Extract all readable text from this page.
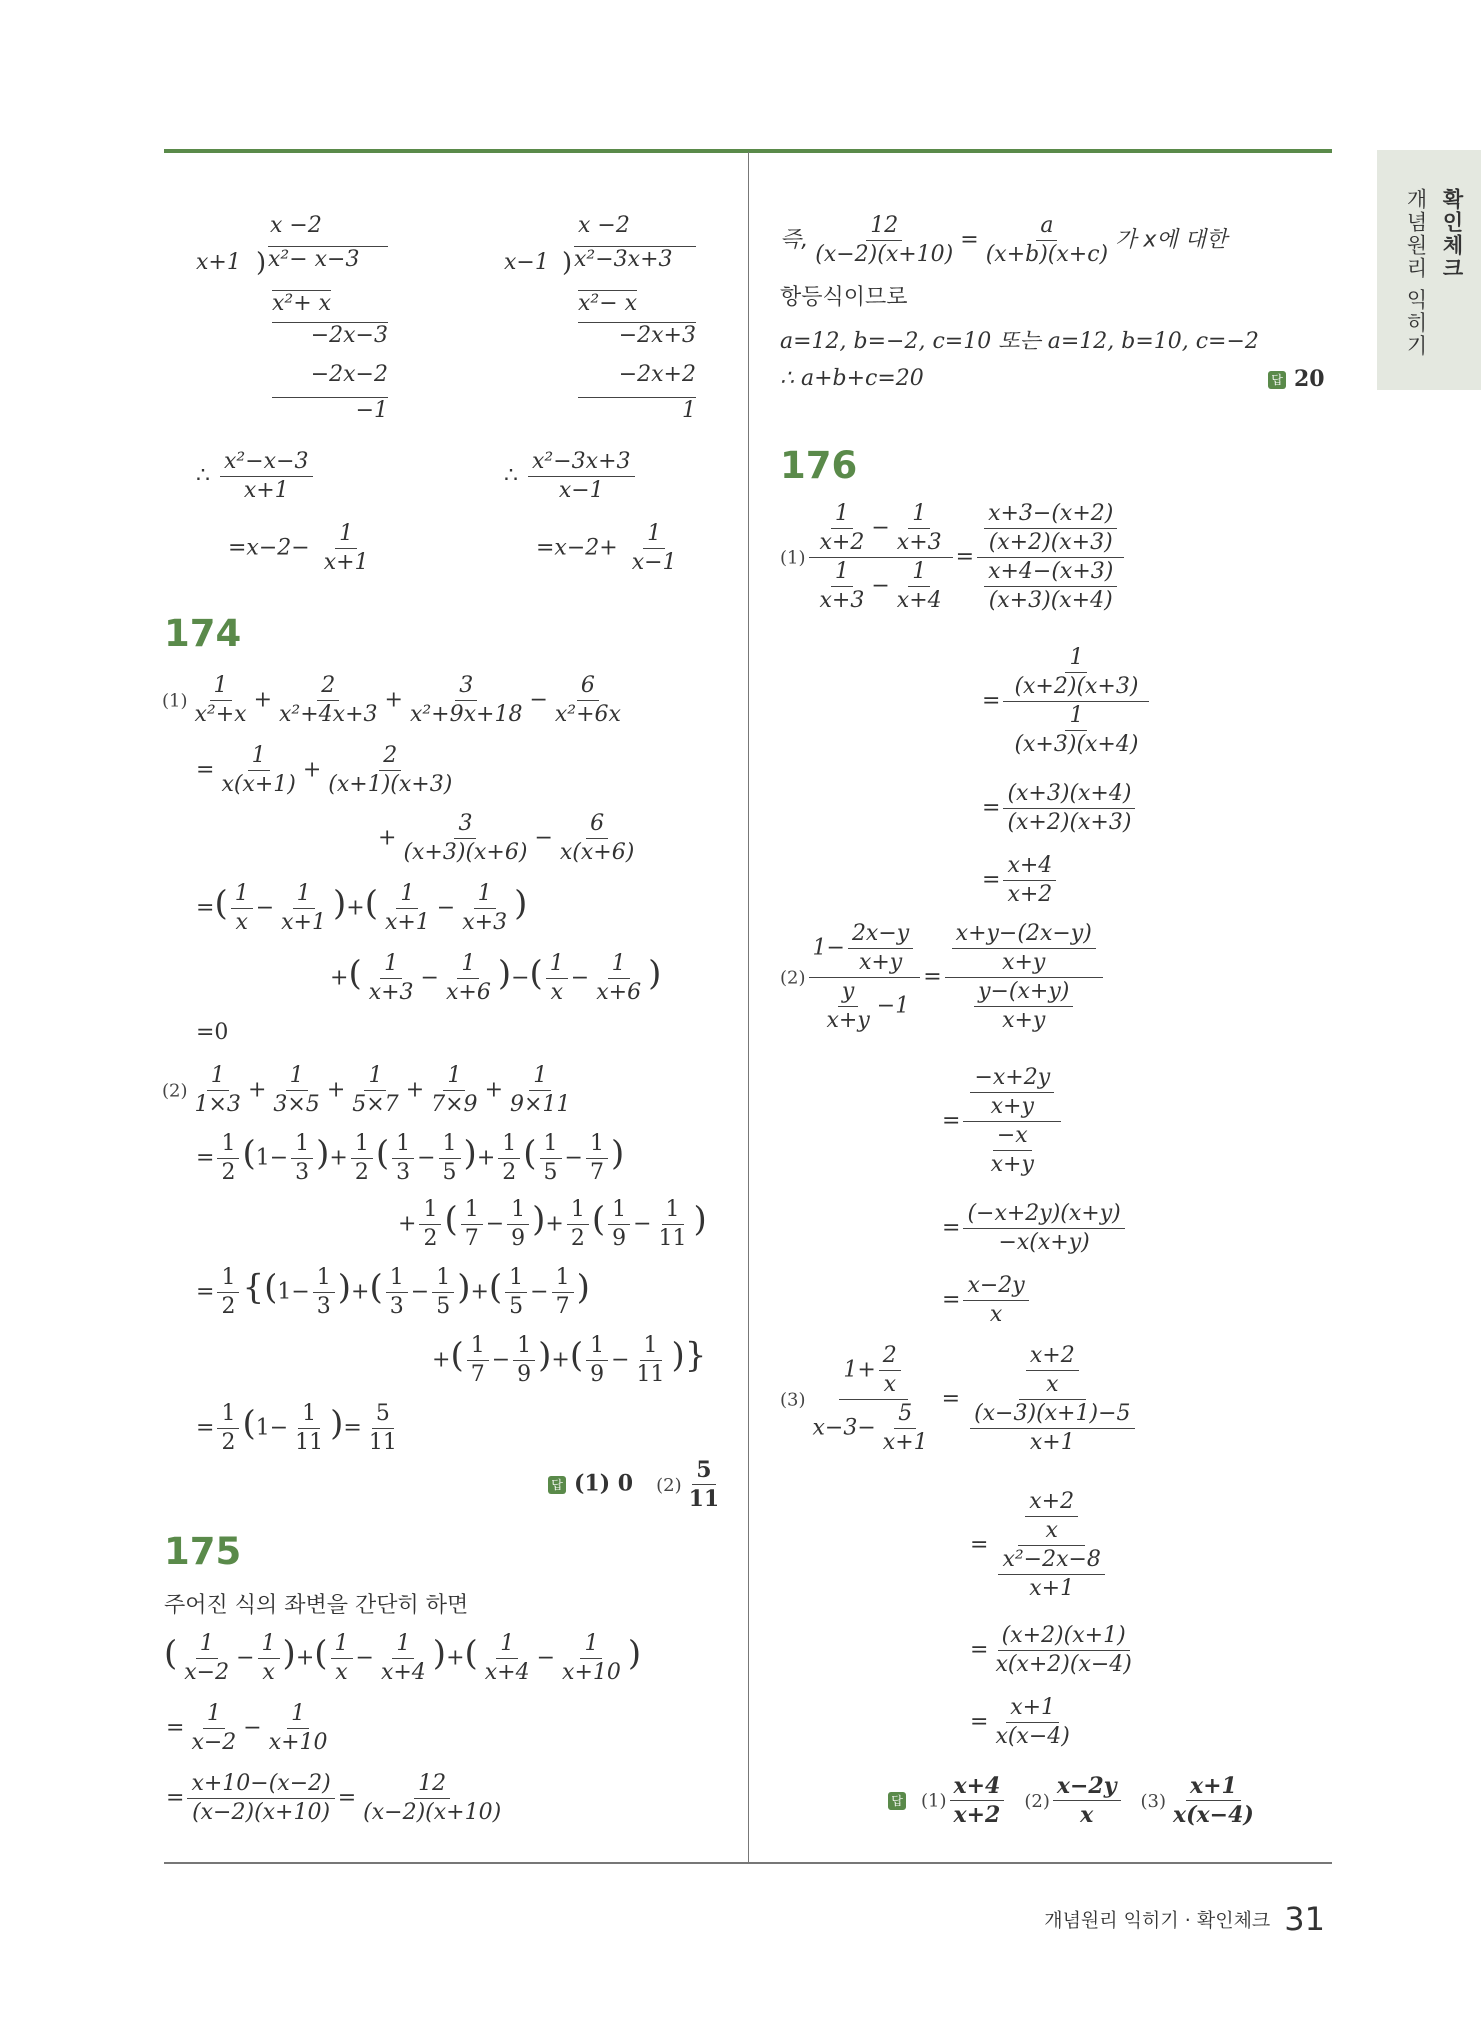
확인체크
개념원리 익히기
x −2
x+1 ) x²− x−3
x²+ x
−2x−3
−2x−2
−1
x −2
x−1 ) x²−3x+3
x²− x
−2x+3
−2x+2
1
∴ $\frac{\text{x²−x−3}}{x+1}$
$=x-2- \frac{1}{x+1}$
∴ $\frac{\text{x²−3x+3}}{x-1}$
$=x-2+ \frac{1}{x-1}$
174
$(1) \frac{1}{\text{x²+x}} + \frac{2}{\text{x²+4x+3}} + \frac{3}{\text{x²+9x+18}} - \frac{6}{\text{x²+6x}}$
= $\frac{1}{x(x+1)} + \frac{2}{(x+1)(x+3)}$
+ $\frac{3}{(x+3)(x+6)} - \frac{6}{x(x+6)}$
=( $\frac{1}{x} - \frac{1}{x+1}$ )+( $\frac{1}{x+1} - \frac{1}{x+3}$ )
+( $\frac{1}{x+3} - \frac{1}{x+6}$ )−( $\frac{1}{x} - \frac{1}{x+6}$ )
=0
$(2) \frac{1}{1\times 3} + \frac{1}{3\times 5} + \frac{1}{5\times 7} + \frac{1}{7\times 9} + \frac{1}{9\times 11}$
= $\frac{1}{2} (1- \frac{1}{3}$ )+ $\frac{1}{2}$ ( $\frac{1}{3} - \frac{1}{5}$ )+ $\frac{1}{2}$ ( $\frac{1}{5} - \frac{1}{7}$ )
+ $\frac{1}{2}$ ( $\frac{1}{7} - \frac{1}{9}$ )+ $\frac{1}{2}$ ( $\frac{1}{9} - \frac{1}{11}$ )
= $\frac{1}{2} \{(1- \frac{1}{3}$ )+( $\frac{1}{3} - \frac{1}{5}$ )+( $\frac{1}{5} - \frac{1}{7}$ )
+( $\frac{1}{7} - \frac{1}{9}$ )+( $\frac{1}{9} - \frac{1}{11}$ )}
= $\frac{1}{2} (1- \frac{1}{11}$ )= $\frac{5}{11}$
답 (1) 0 $(2) \frac{5}{11}$
175
주어진 식의 좌변을 간단히 하면
( $\frac{1}{x-2} - \frac{1}{x}$ )+( $\frac{1}{x} - \frac{1}{x+4}$ )+( $\frac{1}{x+4} - \frac{1}{x+10}$ )
= $\frac{1}{x-2} - \frac{1}{x+10}$
= $\frac{x+10-(x-2)}{(x-2)(x+10)} = \frac{12}{(x-2)(x+10)}$
즉, $\frac{12}{(x-2)(x+10)} = \frac{a}{(x+b)(x+c)}$ 가 x에 대한
항등식이므로
a=12, b=−2, c=10 또는 a=12, b=10, c=−2
∴ a+b+c=20	답 20
176
$(1) \frac{\frac{1}{x+2} - \frac{1}{x+3}}{\frac{1}{x+3} - \frac{1}{x+4}} = \frac{\frac{x+3-(x+2)}{(x+2)(x+3)}}{\frac{x+4-(x+3)}{(x+3)(x+4)}}$
= $\frac{\frac{1}{(x+2)(x+3)}}{\frac{1}{(x+3)(x+4)}}$
= $\frac{(x+3)(x+4)}{(x+2)(x+3)}$
= $\frac{x+4}{x+2}$
$(2) \frac{1- \frac{2x-y}{x+y}}{\frac{y}{x+y} -1} = \frac{\frac{x+y-(2x-y)}{x+y}}{\frac{y-(x+y)}{x+y}}$
= $\frac{\frac{-x+2y}{x+y}}{\frac{-x}{x+y}}$
= $\frac{(-x+2y)(x+y)}{-x(x+y)}$
= $\frac{x-2y}{x}$
$(3) \frac{1+ \frac{2}{x}}{x-3- \frac{5}{x+1}} = \frac{\frac{x+2}{x}}{\frac{(x-3)(x+1)-5}{x+1}}$
= $\frac{\frac{x+2}{x}}{\frac{\text{x²−2x−8}}{x+1}}$
= $\frac{(x+2)(x+1)}{x(x+2)(x-4)}$
= $\frac{x+1}{x(x-4)}$
답 $(1) \frac{x+4}{x+2} (2) \frac{x-2y}{x} (3) \frac{x+1}{x(x-4)}$
개념원리 익히기 · 확인체크 31
